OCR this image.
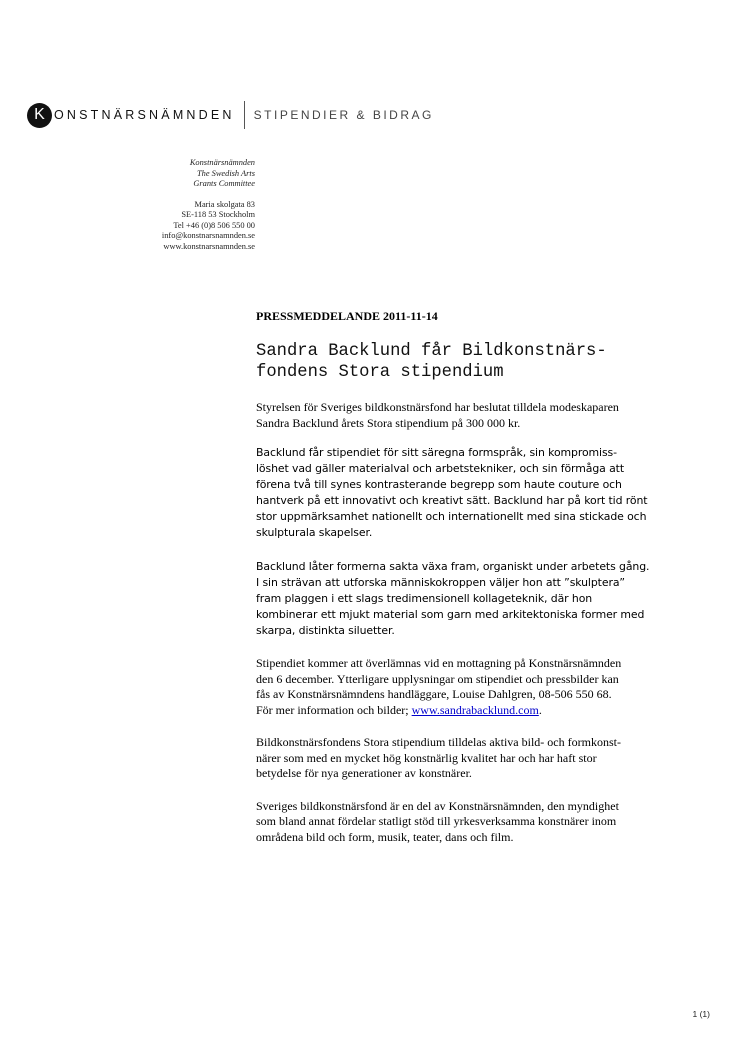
K ONSTNÄRSNÄMNDEN STIPENDIER & BIDRAG
Konstnärsnämnden
The Swedish Arts
Grants Committee
Maria skolgata 83
SE-118 53 Stockholm
Tel +46 (0)8 506 550 00
info@konstnarsnamnden.se
www.konstnarsnamnden.se
PRESSMEDDELANDE 2011-11-14
Sandra Backlund får Bildkonstnärs-
fondens Stora stipendium

Styrelsen för Sveriges bildkonstnärsfond har beslutat tilldela modeskaparen
Sandra Backlund årets Stora stipendium på 300 000 kr.

Backlund får stipendiet för sitt säregna formspråk, sin kompromiss-
löshet vad gäller materialval och arbetstekniker, och sin förmåga att
förena två till synes kontrasterande begrepp som haute couture och
hantverk på ett innovativt och kreativt sätt. Backlund har på kort tid rönt
stor uppmärksamhet nationellt och internationellt med sina stickade och
skulpturala skapelser.

Backlund låter formerna sakta växa fram, organiskt under arbetets gång.
I sin strävan att utforska människokroppen väljer hon att ”skulptera”
fram plaggen i ett slags tredimensionell kollageteknik, där hon
kombinerar ett mjukt material som garn med arkitektoniska former med
skarpa, distinkta siluetter.

Stipendiet kommer att överlämnas vid en mottagning på Konstnärsnämnden
den 6 december. Ytterligare upplysningar om stipendiet och pressbilder kan
fås av Konstnärsnämndens handläggare, Louise Dahlgren, 08-506 550 68.
För mer information och bilder; www.sandrabacklund.com.

Bildkonstnärsfondens Stora stipendium tilldelas aktiva bild- och formkonst-
närer som med en mycket hög konstnärlig kvalitet har och har haft stor
betydelse för nya generationer av konstnärer.

Sveriges bildkonstnärsfond är en del av Konstnärsnämnden, den myndighet
som bland annat fördelar statligt stöd till yrkesverksamma konstnärer inom
områdena bild och form, musik, teater, dans och film.

1 (1)
